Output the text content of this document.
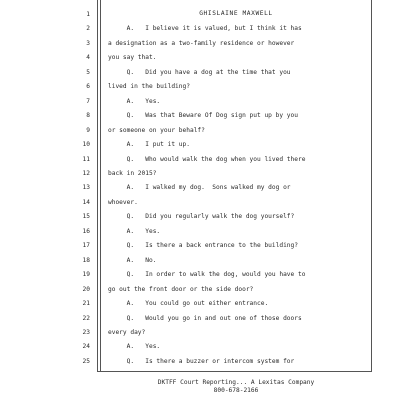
GHISLAINE MAXWELL
1
2	A.   I believe it is valued, but I think it has
3	a designation as a two-family residence or however
4	you say that.
5	Q.   Did you have a dog at the time that you
6	lived in the building?
7	A.   Yes.
8	Q.   Was that Beware Of Dog sign put up by you
9	or someone on your behalf?
10	A.   I put it up.
11	Q.   Who would walk the dog when you lived there
12	back in 2015?
13	A.   I walked my dog.  Sons walked my dog or
14	whoever.
15	Q.   Did you regularly walk the dog yourself?
16	A.   Yes.
17	Q.   Is there a back entrance to the building?
18	A.   No.
19	Q.   In order to walk the dog, would you have to
20	go out the front door or the side door?
21	A.   You could go out either entrance.
22	Q.   Would you go in and out one of those doors
23	every day?
24	A.   Yes.
25	Q.   Is there a buzzer or intercom system for
DKTFF Court Reporting... A Lexitas Company
800-678-2166
